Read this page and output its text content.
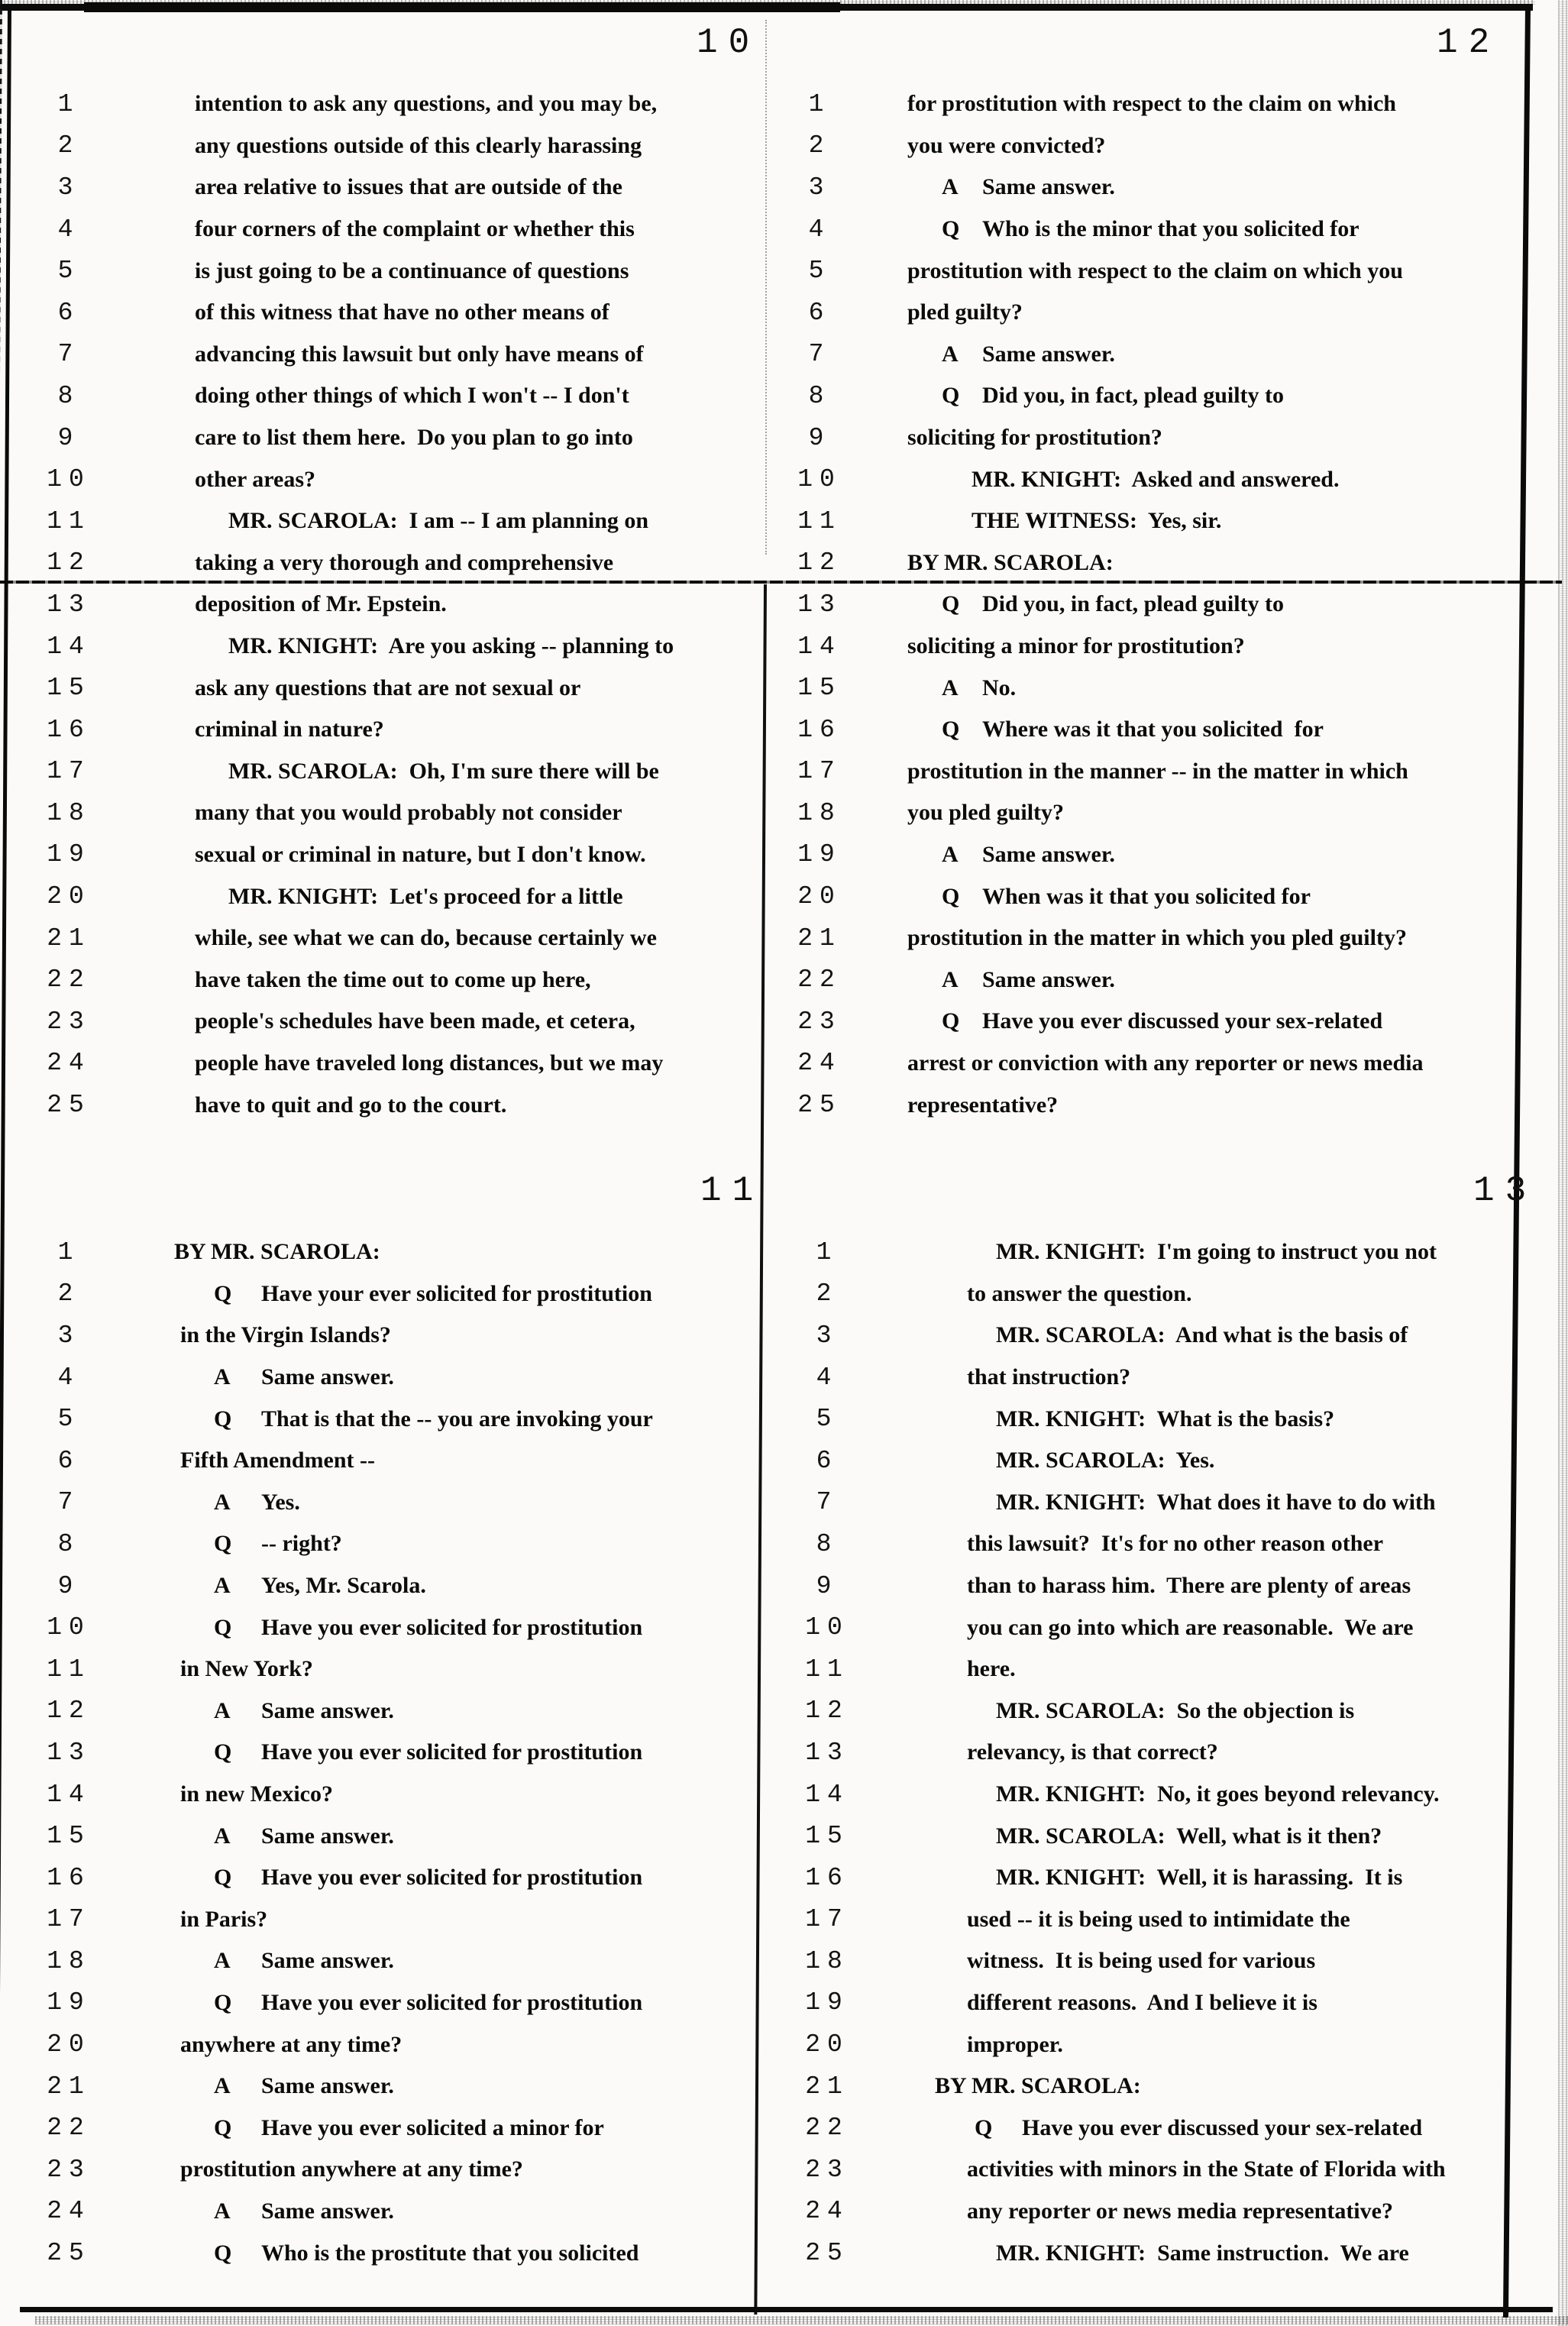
10
1	intention to ask any questions, and you may be,
2	any questions outside of this clearly harassing
3	area relative to issues that are outside of the
4	four corners of the complaint or whether this
5	is just going to be a continuance of questions
6	of this witness that have no other means of
7	advancing this lawsuit but only have means of
8	doing other things of which I won't -- I don't
9	care to list them here.  Do you plan to go into
10	other areas?
11	MR. SCAROLA:  I am -- I am planning on
12	taking a very thorough and comprehensive
13	deposition of Mr. Epstein.
14	MR. KNIGHT:  Are you asking -- planning to
15	ask any questions that are not sexual or
16	criminal in nature?
17	MR. SCAROLA:  Oh, I'm sure there will be
18	many that you would probably not consider
19	sexual or criminal in nature, but I don't know.
20	MR. KNIGHT:  Let's proceed for a little
21	while, see what we can do, because certainly we
22	have taken the time out to come up here,
23	people's schedules have been made, et cetera,
24	people have traveled long distances, but we may
25	have to quit and go to the court.
12
1	for prostitution with respect to the claim on which
2	you were convicted?
3	A Same answer.
4	Q Who is the minor that you solicited for
5	prostitution with respect to the claim on which you
6	pled guilty?
7	A Same answer.
8	Q Did you, in fact, plead guilty to
9	soliciting for prostitution?
10	MR. KNIGHT:  Asked and answered.
11	THE WITNESS:  Yes, sir.
12	BY MR. SCAROLA:
13	Q Did you, in fact, plead guilty to
14	soliciting a minor for prostitution?
15	A No.
16	Q Where was it that you solicited  for
17	prostitution in the manner -- in the matter in which
18	you pled guilty?
19	A Same answer.
20	Q When was it that you solicited for
21	prostitution in the matter in which you pled guilty?
22	A Same answer.
23	Q Have you ever discussed your sex-related
24	arrest or conviction with any reporter or news media
25	representative?
11
1	BY MR. SCAROLA:
2	Q Have your ever solicited for prostitution
3	in the Virgin Islands?
4	A Same answer.
5	Q That is that the -- you are invoking your
6	Fifth Amendment --
7	A Yes.
8	Q -- right?
9	A Yes, Mr. Scarola.
10	Q Have you ever solicited for prostitution
11	in New York?
12	A Same answer.
13	Q Have you ever solicited for prostitution
14	in new Mexico?
15	A Same answer.
16	Q Have you ever solicited for prostitution
17	in Paris?
18	A Same answer.
19	Q Have you ever solicited for prostitution
20	anywhere at any time?
21	A Same answer.
22	Q Have you ever solicited a minor for
23	prostitution anywhere at any time?
24	A Same answer.
25	Q Who is the prostitute that you solicited
13
1	MR. KNIGHT:  I'm going to instruct you not
2	to answer the question.
3	MR. SCAROLA:  And what is the basis of
4	that instruction?
5	MR. KNIGHT:  What is the basis?
6	MR. SCAROLA:  Yes.
7	MR. KNIGHT:  What does it have to do with
8	this lawsuit?  It's for no other reason other
9	than to harass him.  There are plenty of areas
10	you can go into which are reasonable.  We are
11	here.
12	MR. SCAROLA:  So the objection is
13	relevancy, is that correct?
14	MR. KNIGHT:  No, it goes beyond relevancy.
15	MR. SCAROLA:  Well, what is it then?
16	MR. KNIGHT:  Well, it is harassing.  It is
17	used -- it is being used to intimidate the
18	witness.  It is being used for various
19	different reasons.  And I believe it is
20	improper.
21	BY MR. SCAROLA:
22	Q Have you ever discussed your sex-related
23	activities with minors in the State of Florida with
24	any reporter or news media representative?
25	MR. KNIGHT:  Same instruction.  We are
